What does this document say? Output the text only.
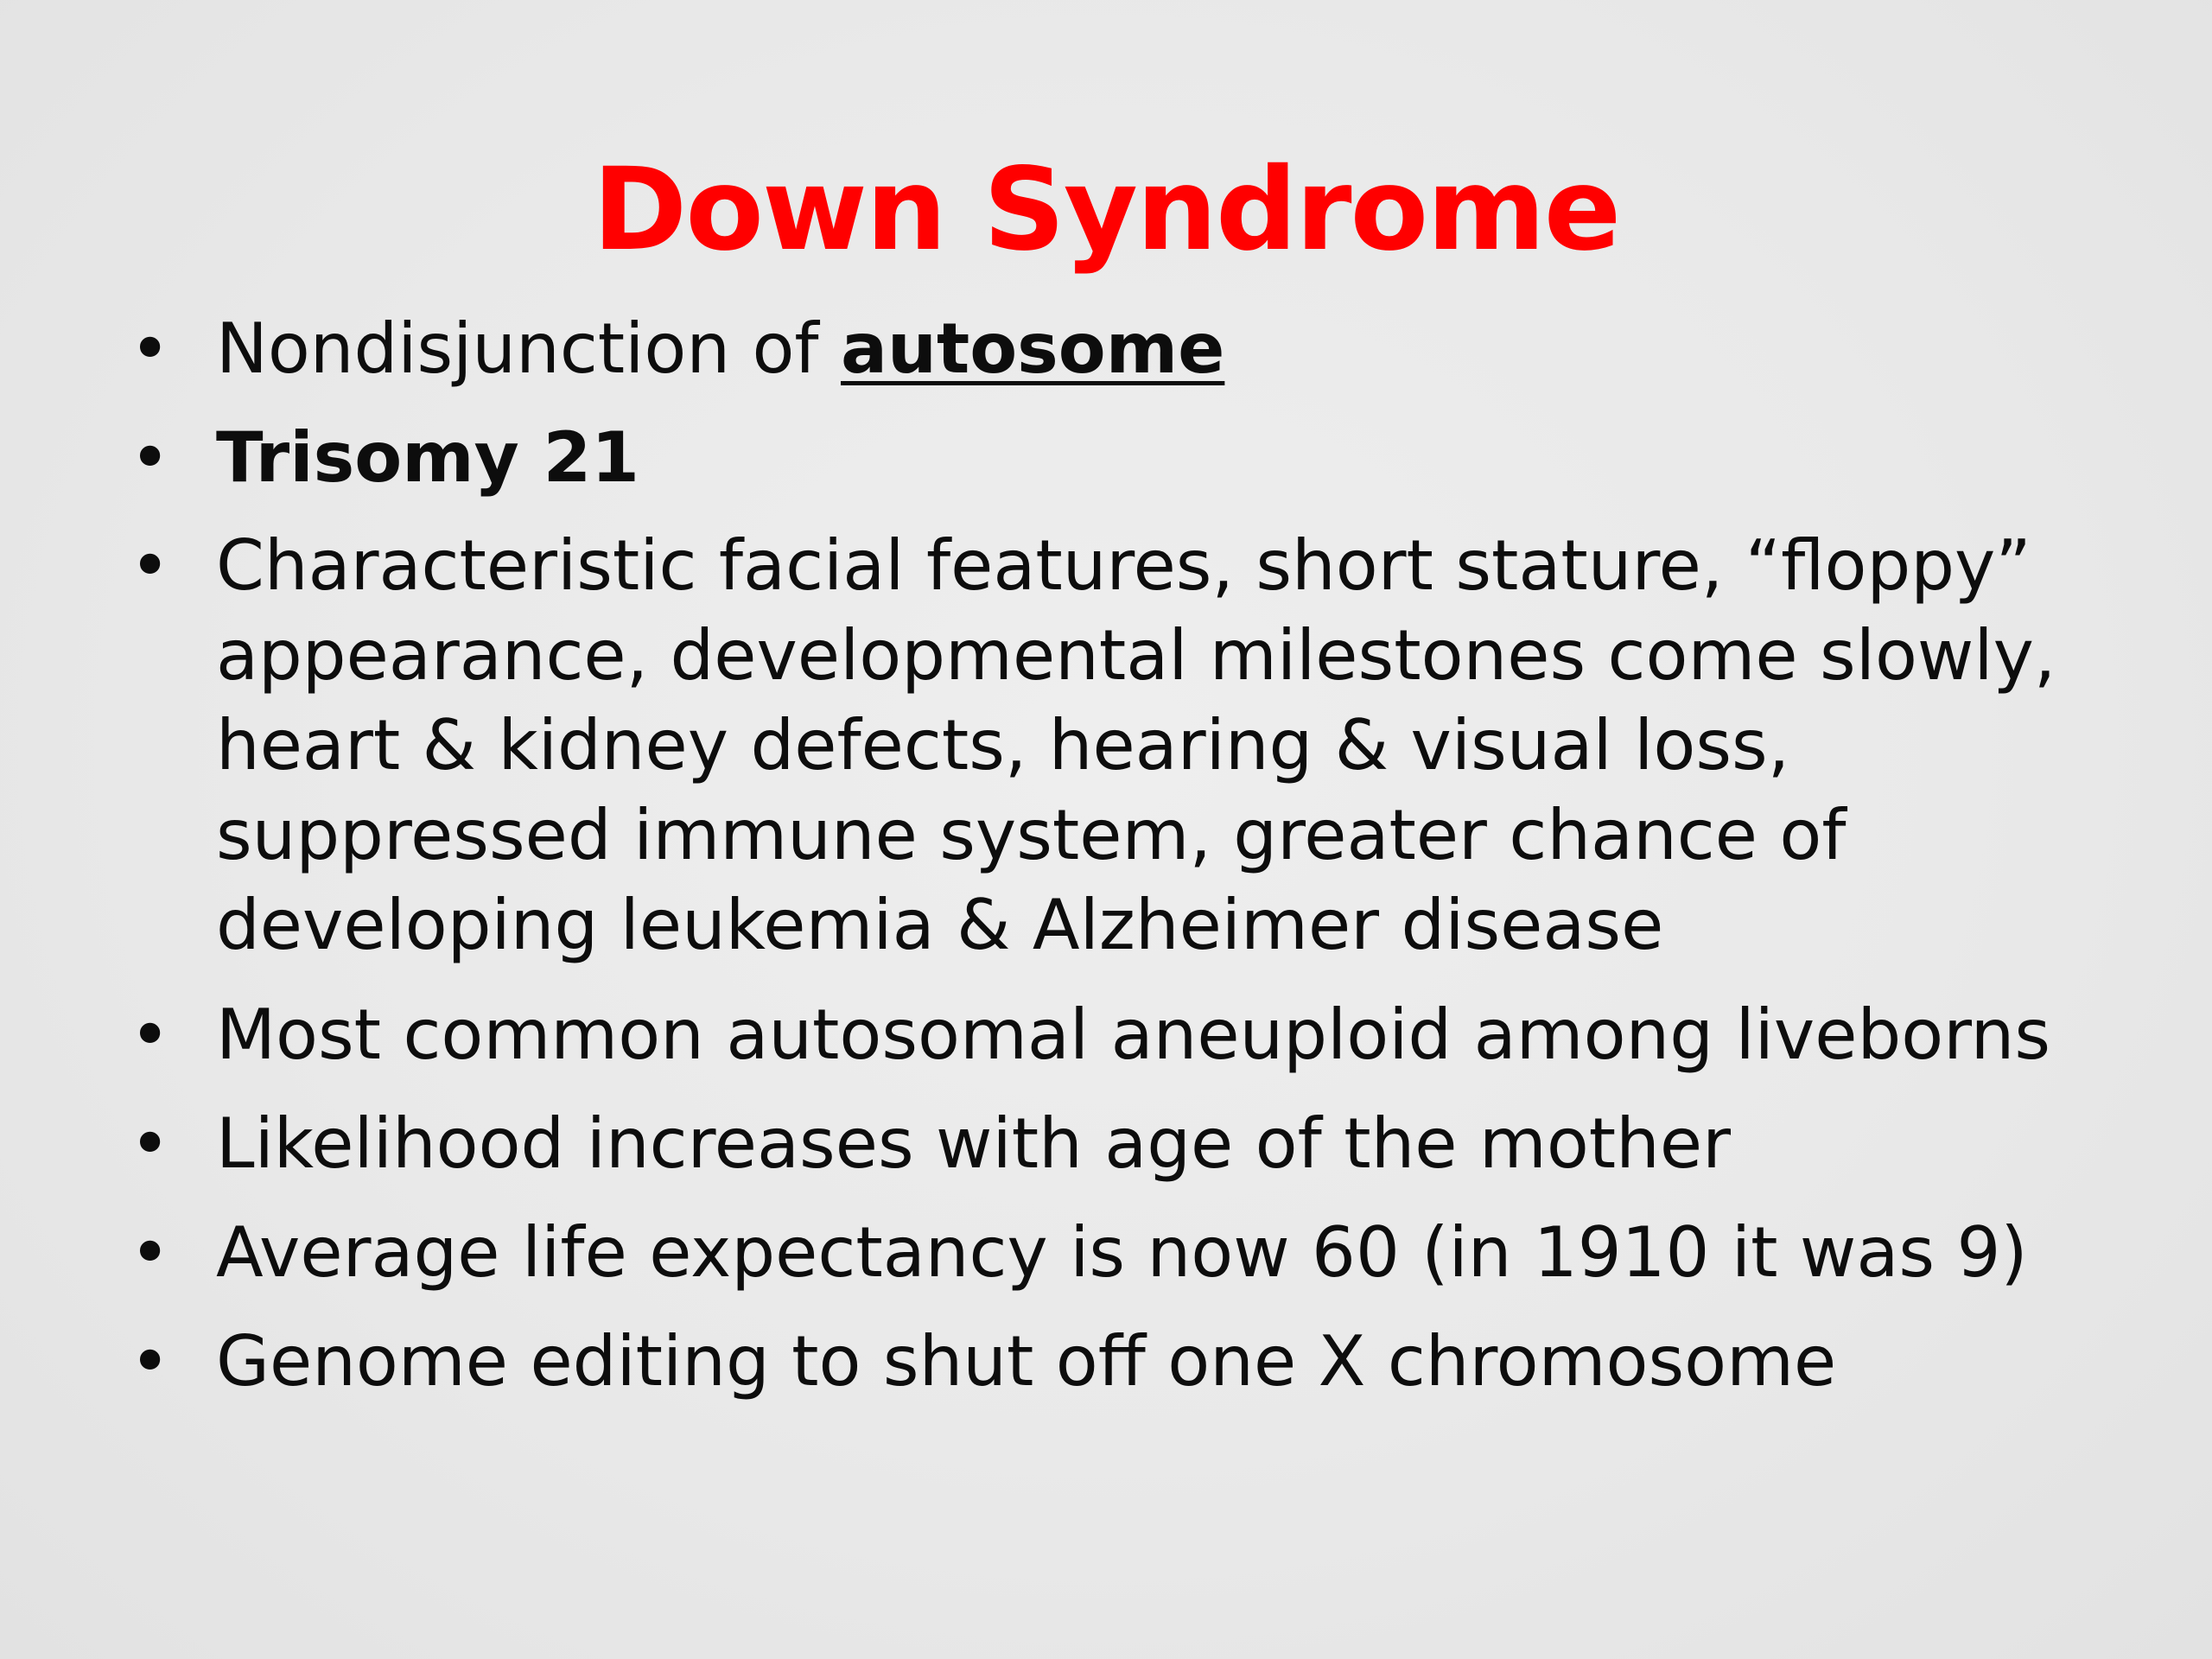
Down Syndrome
• Nondisjunction of autosome
• Trisomy 21
• Characteristic facial features, short stature, “floppy”
appearance, developmental milestones come slowly,
heart & kidney defects, hearing & visual loss,
suppressed immune system, greater chance of
developing leukemia & Alzheimer disease
• Most common autosomal aneuploid among liveborns
• Likelihood increases with age of the mother
• Average life expectancy is now 60 (in 1910 it was 9)
• Genome editing to shut off one X chromosome
